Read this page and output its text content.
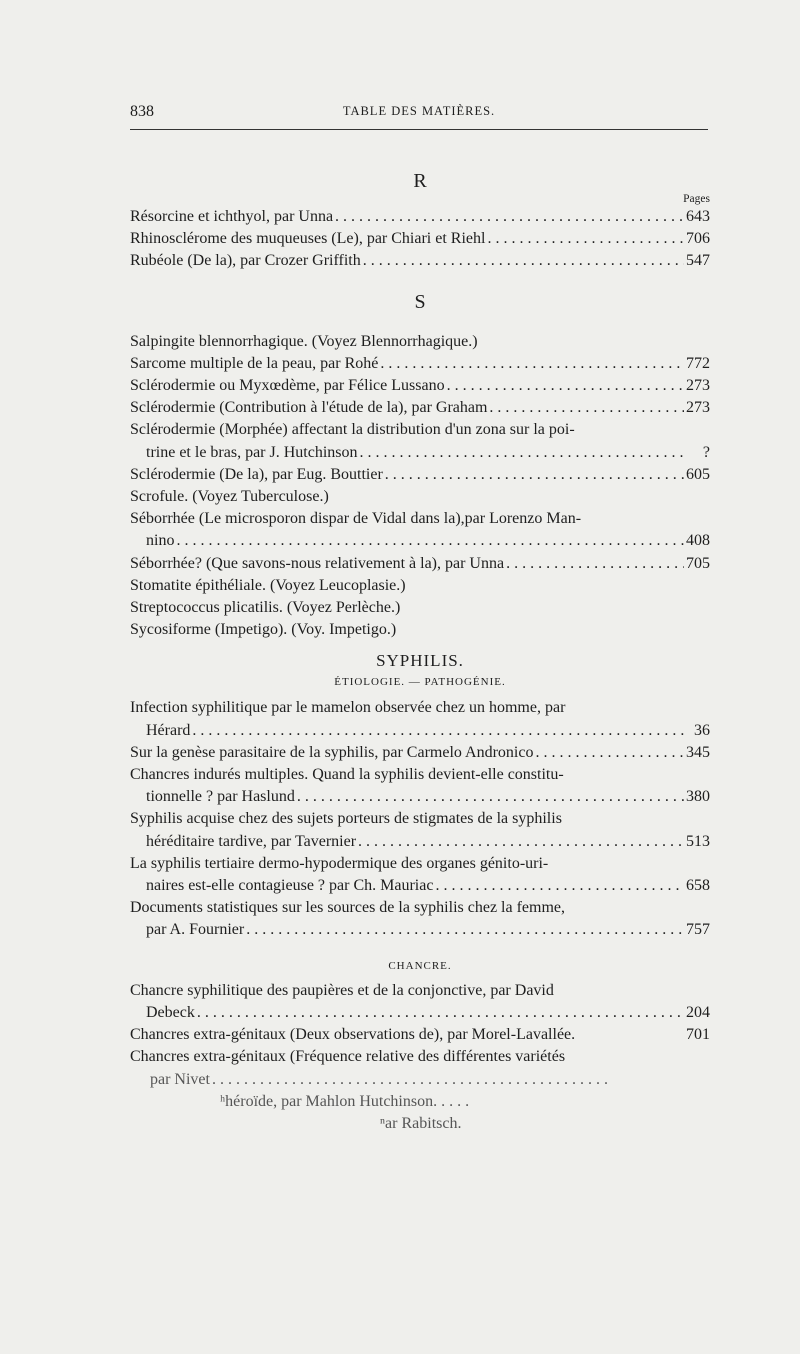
838	TABLE DES MATIÈRES.
R
Pages
Résorcine et ichthyol, par Unna . . .	643
Rhinosclérome des muqueuses (Le), par Chiari et Riehl . . .	706
Rubéole (De la), par Crozer Griffith . . .	547
S
Salpingite blennorrhagique. (Voyez Blennorrhagique.)
Sarcome multiple de la peau, par Rohé . . .	772
Sclérodermie ou Myxœdème, par Félice Lussano . . .	273
Sclérodermie (Contribution à l'étude de la), par Graham . . .	273
Sclérodermie (Morphée) affectant la distribution d'un zona sur la poi-
trine et le bras, par J. Hutchinson . . .	?
Sclérodermie (De la), par Eug. Bouttier . . .	605
Scrofule. (Voyez Tuberculose.)
Séborrhée (Le microsporon dispar de Vidal dans la),par Lorenzo Man-
nino . . .	408
Séborrhée? (Que savons-nous relativement à la), par Unna . . .	705
Stomatite épithéliale. (Voyez Leucoplasie.)
Streptococcus plicatilis. (Voyez Perlèche.)
Sycosiforme (Impetigo). (Voy. Impetigo.)
SYPHILIS.
ÉTIOLOGIE. — PATHOGÉNIE.
Infection syphilitique par le mamelon observée chez un homme, par
Hérard . . .	36
Sur la genèse parasitaire de la syphilis, par Carmelo Andronico . . .	345
Chancres indurés multiples. Quand la syphilis devient-elle constitu-
tionnelle ? par Haslund . . .	380
Syphilis acquise chez des sujets porteurs de stigmates de la syphilis
héréditaire tardive, par Tavernier . . .	513
La syphilis tertiaire dermo-hypodermique des organes génito-uri-
naires est-elle contagieuse ? par Ch. Mauriac . . .	658
Documents statistiques sur les sources de la syphilis chez la femme,
par A. Fournier . . .	757
CHANCRE.
Chancre syphilitique des paupières et de la conjonctive, par David
Debeck . . .	204
Chancres extra-génitaux (Deux observations de), par Morel-Lavallée.	701
Chancres extra-génitaux (Fréquence relative des différentes variétés
par Nivet
. . .
ʰhéroïde, par Mahlon Hutchinson. . . . .
ⁿar Rabitsch.
